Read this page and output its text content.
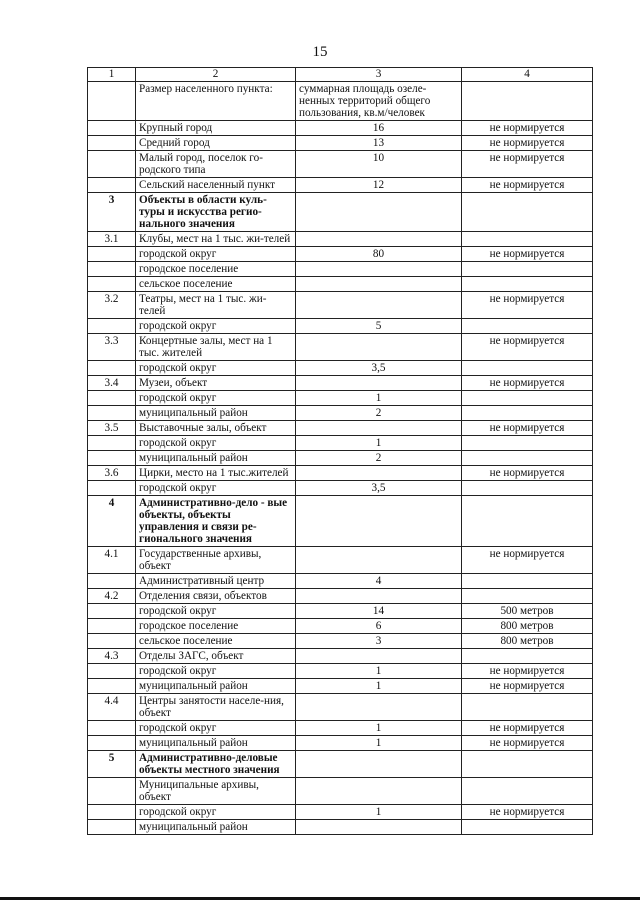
15
1	2	3	4
	Размер населенного пункта:	суммарная площадь озеле-ненных территорий общего пользования, кв.м/человек	
	Крупный город	16	не нормируется
	Средний город	13	не нормируется
	Малый город, поселок го-родского типа	10	не нормируется
	Сельский населенный пункт	12	не нормируется
3	Объекты в области куль-туры и искусства регио-нального значения		
3.1	Клубы, мест на 1 тыс. жи-телей		
	городской округ	80	не нормируется
	городское поселение		
	сельское поселение		
3.2	Театры, мест на 1 тыс. жи-телей		не нормируется
	городской округ	5	
3.3	Концертные залы, мест на 1 тыс. жителей		не нормируется
	городской округ	3,5	
3.4	Музеи, объект		не нормируется
	городской округ	1	
	муниципальный район	2	
3.5	Выставочные залы, объект		не нормируется
	городской округ	1	
	муниципальный район	2	
3.6	Цирки, место на 1 тыс.жителей		не нормируется
	городской округ	3,5	
4	Административно-дело - вые объекты, объекты управления и связи ре-гионального значения		
4.1	Государственные архивы, объект		не нормируется
	Административный центр	4	
4.2	Отделения связи, объектов		
	городской округ	14	500 метров
	городское поселение	6	800 метров
	сельское поселение	3	800 метров
4.3	Отделы ЗАГС, объект		
	городской округ	1	не нормируется
	муниципальный район	1	не нормируется
4.4	Центры занятости населе-ния, объект		
	городской округ	1	не нормируется
	муниципальный район	1	не нормируется
5	Административно-деловые объекты местного значения		
	Муниципальные архивы, объект		
	городской округ	1	не нормируется
	муниципальный район		
